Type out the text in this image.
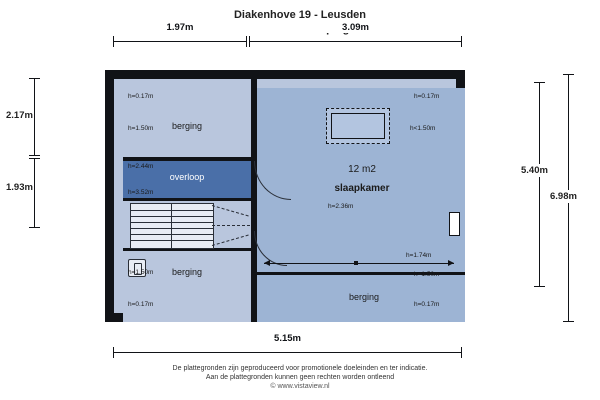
Diakenhove 19 - Leusden
1.97m	3.09m
2.17m
1.93m
5.40m
6.98m
5.15m
berging
overloop
12 m2
slaapkamer
h=2.36m
berging
berging
h=0.17m	h=0.17m
h=1.50m	h<1.50m
h=2.44m
h=3.52m
h=1.50m
h=0.17m
h=1.74m
h=1.50m
h=0.17m
De plattegronden zijn geproduceerd voor promotionele doeleinden en ter indicatie.
Aan de plattegronden kunnen geen rechten worden ontleend
© www.vistaview.nl
